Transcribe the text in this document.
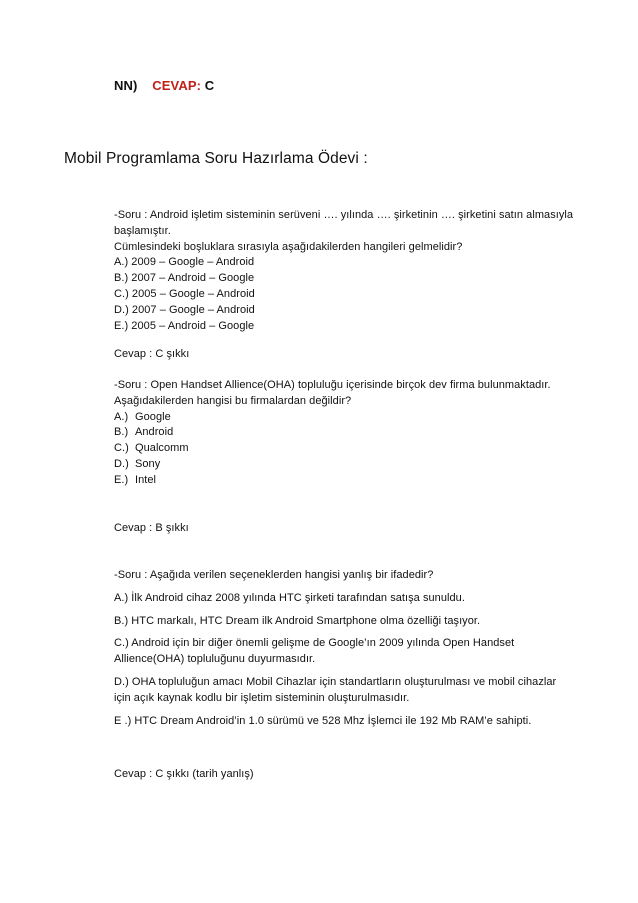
NN) CEVAP: C
Mobil Programlama Soru Hazırlama Ödevi :
-Soru : Android işletim sisteminin serüveni …. yılında …. şirketinin …. şirketini satın almasıyla
başlamıştır.
Cümlesindeki boşluklara sırasıyla aşağıdakilerden hangileri gelmelidir?
A.) 2009 – Google – Android
B.) 2007 – Android – Google
C.) 2005 – Google – Android
D.) 2007 – Google – Android
E.) 2005 – Android – Google
Cevap : C şıkkı
-Soru : Open Handset Allience(OHA) topluluğu içerisinde birçok dev firma bulunmaktadır.
Aşağıdakilerden hangisi bu firmalardan değildir?
A.) Google
B.) Android
C.) Qualcomm
D.) Sony
E.) Intel
Cevap : B şıkkı
-Soru : Aşağıda verilen seçeneklerden hangisi yanlış bir ifadedir?
A.) İlk Android cihaz 2008 yılında HTC şirketi tarafından satışa sunuldu.
B.) HTC markalı, HTC Dream ilk Android Smartphone olma özelliği taşıyor.
C.) Android için bir diğer önemli gelişme de Google’ın 2009 yılında Open Handset
Allience(OHA) topluluğunu duyurmasıdır.
D.) OHA topluluğun amacı Mobil Cihazlar için standartların oluşturulması ve mobil cihazlar
için açık kaynak kodlu bir işletim sisteminin oluşturulmasıdır.
E .) HTC Dream Android’in 1.0 sürümü ve 528 Mhz İşlemci ile 192 Mb RAM’e sahipti.
Cevap : C şıkkı (tarih yanlış)
